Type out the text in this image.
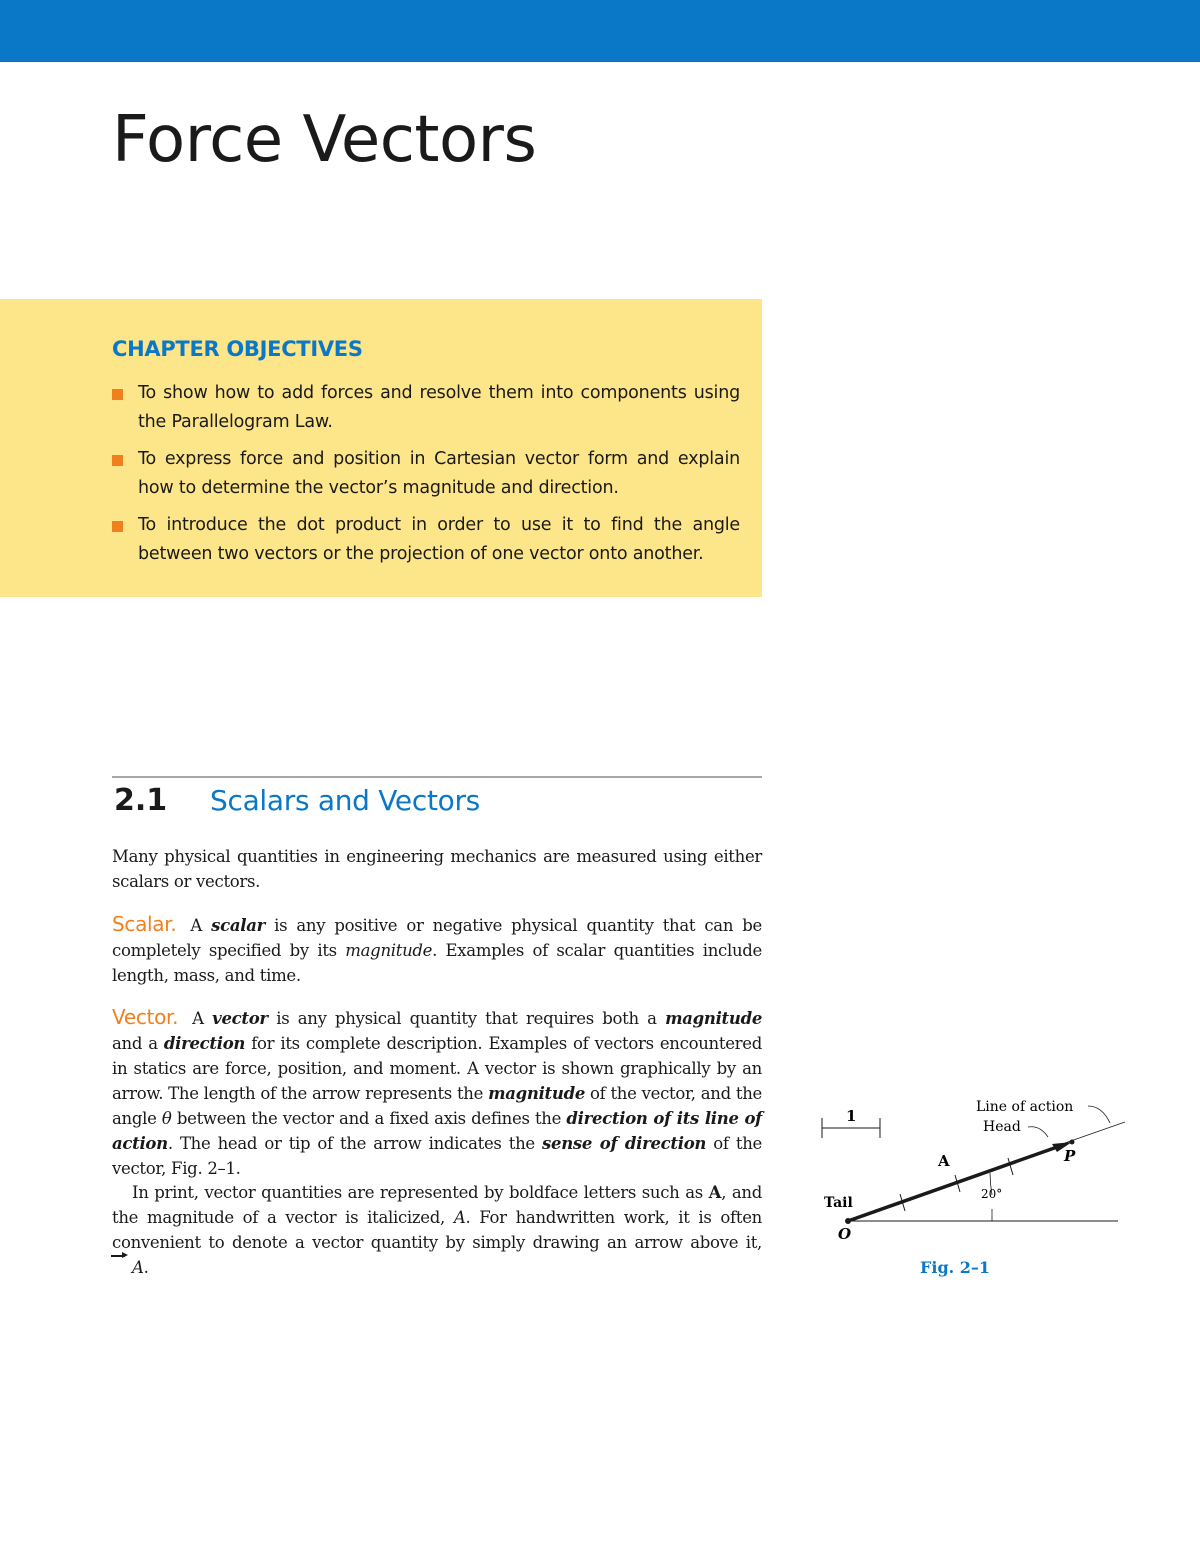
Force Vectors
CHAPTER OBJECTIVES
To show how to add forces and resolve them into components using the Parallelogram Law.
To express force and position in Cartesian vector form and explain how to determine the vector’s magnitude and direction.
To introduce the dot product in order to use it to find the angle between two vectors or the projection of one vector onto another.
2.1 Scalars and Vectors

Many physical quantities in engineering mechanics are measured using either scalars or vectors.

Scalar. A scalar is any positive or negative physical quantity that can be completely specified by its magnitude. Examples of scalar quantities include length, mass, and time.

Vector. A vector is any physical quantity that requires both a magnitude and a direction for its complete description. Examples of vectors encountered in statics are force, position, and moment. A vector is shown graphically by an arrow. The length of the arrow represents the magnitude of the vector, and the angle θ between the vector and a fixed axis defines the direction of its line of action. The head or tip of the arrow indicates the sense of direction of the vector, Fig. 2–1.

In print, vector quantities are represented by boldface letters such as A, and the magnitude of a vector is italicized, A. For handwritten work, it is often convenient to denote a vector quantity by simply drawing an arrow above it, A.

1	Line of action
Head
Tail
A	P
O
20°

Fig. 2–1
